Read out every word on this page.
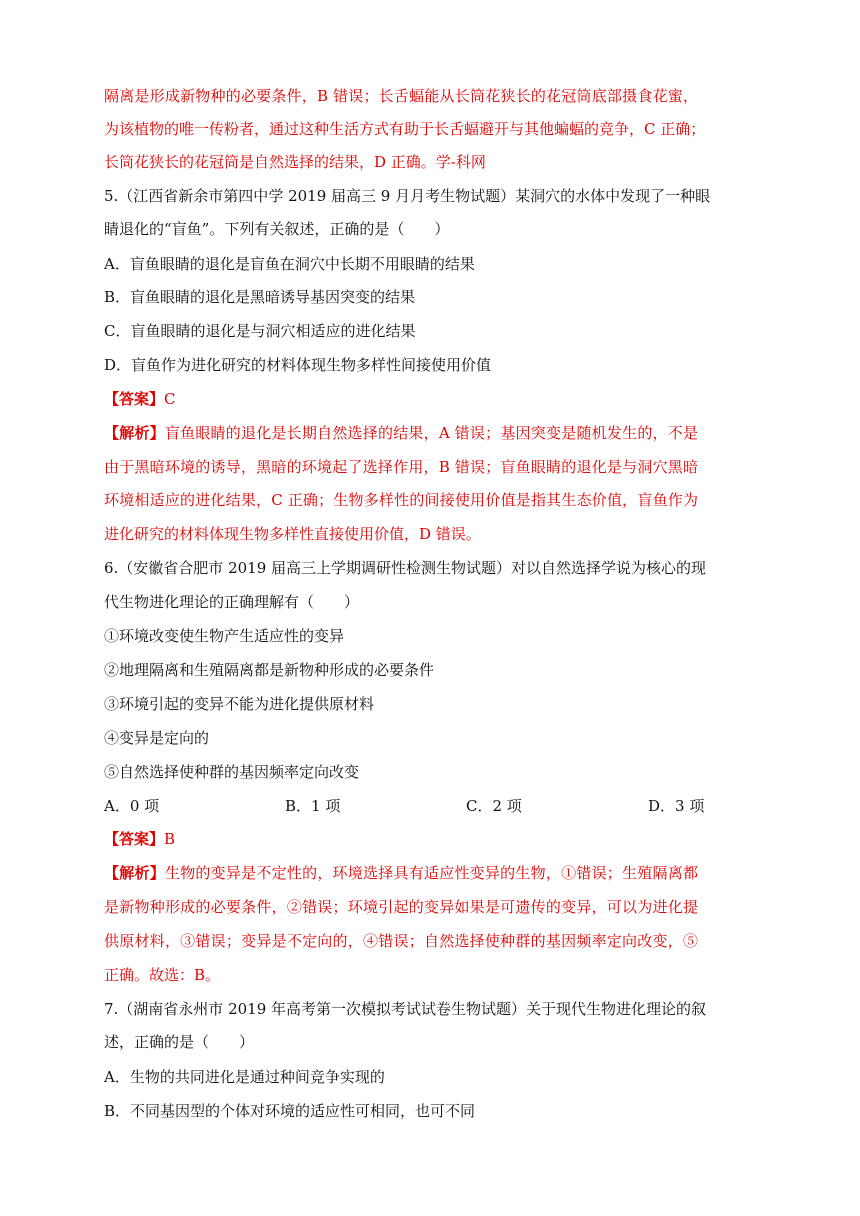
隔离是形成新物种的必要条件，B 错误；长舌蝠能从长筒花狭长的花冠筒底部摄食花蜜，
为该植物的唯一传粉者，通过这种生活方式有助于长舌蝠避开与其他蝙蝠的竞争，C 正确；
长筒花狭长的花冠筒是自然选择的结果，D 正确。学-科网
5.（江西省新余市第四中学 2019 届高三 9 月月考生物试题）某洞穴的水体中发现了一种眼
睛退化的“盲鱼”。下列有关叙述，正确的是（　　）
A．盲鱼眼睛的退化是盲鱼在洞穴中长期不用眼睛的结果
B．盲鱼眼睛的退化是黑暗诱导基因突变的结果
C．盲鱼眼睛的退化是与洞穴相适应的进化结果
D．盲鱼作为进化研究的材料体现生物多样性间接使用价值
【答案】C
【解析】盲鱼眼睛的退化是长期自然选择的结果，A 错误；基因突变是随机发生的，不是
由于黑暗环境的诱导，黑暗的环境起了选择作用，B 错误；盲鱼眼睛的退化是与洞穴黑暗
环境相适应的进化结果，C 正确；生物多样性的间接使用价值是指其生态价值，盲鱼作为
进化研究的材料体现生物多样性直接使用价值，D 错误。
6.（安徽省合肥市 2019 届高三上学期调研性检测生物试题）对以自然选择学说为核心的现
代生物进化理论的正确理解有（　　）
①环境改变使生物产生适应性的变异
②地理隔离和生殖隔离都是新物种形成的必要条件
③环境引起的变异不能为进化提供原材料
④变异是定向的
⑤自然选择使种群的基因频率定向改变
A．0 项	B．1 项	C．2 项	D．3 项
【答案】B
【解析】生物的变异是不定性的，环境选择具有适应性变异的生物，①错误；生殖隔离都
是新物种形成的必要条件，②错误；环境引起的变异如果是可遗传的变异，可以为进化提
供原材料，③错误；变异是不定向的，④错误；自然选择使种群的基因频率定向改变，⑤
正确。故选：B。
7.（湖南省永州市 2019 年高考第一次模拟考试试卷生物试题）关于现代生物进化理论的叙
述，正确的是（　　）
A．生物的共同进化是通过种间竞争实现的
B．不同基因型的个体对环境的适应性可相同，也可不同
